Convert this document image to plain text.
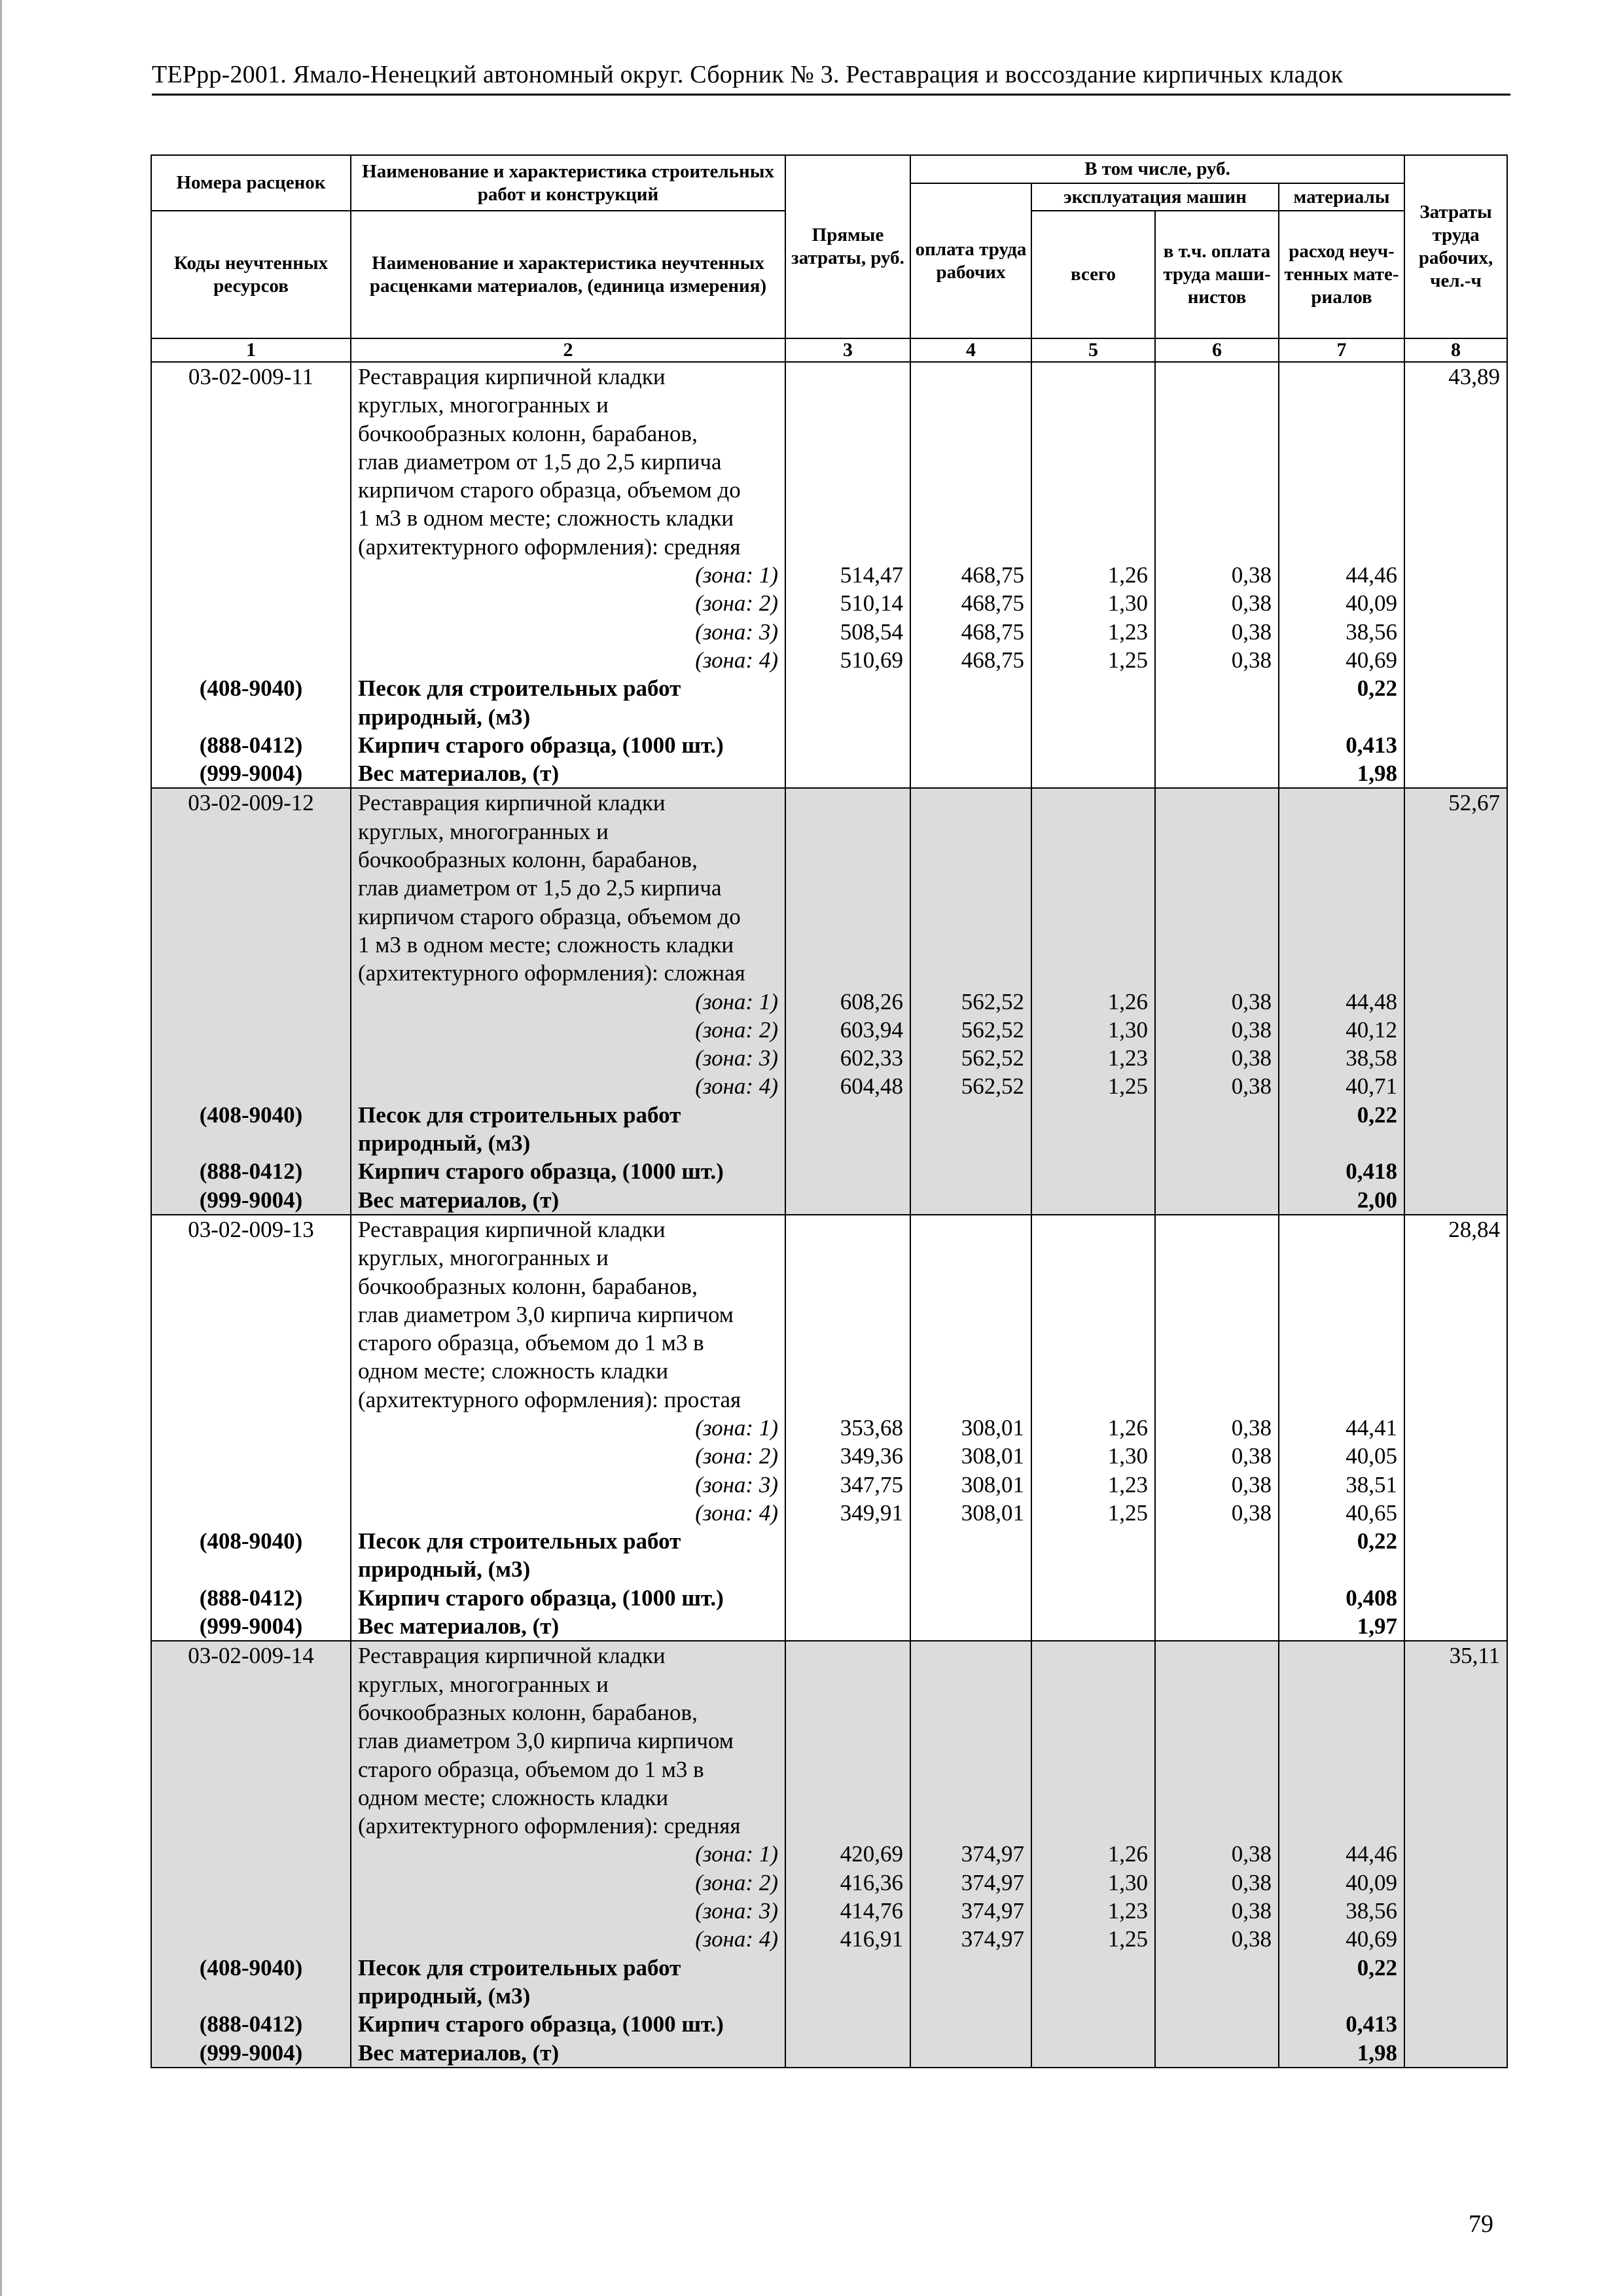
ТЕРрр-2001. Ямало-Ненецкий автономный округ. Сборник № 3. Реставрация и воссоздание кирпичных кладок
Номера расценок	Наименование и характеристика строительных работ и конструкций	Прямые затраты, руб.	В том числе, руб.				Затраты труда рабочих, чел.-ч
			оплата труда рабочих	эксплуатация машин		материалы	
Коды неучтенных ресурсов	Наименование и характеристика неучтенных расценками материалов, (единица измерения)			всего	в т.ч. оплата труда маши-нистов	расход неуч-тенных мате-риалов	
1	2	3	4	5	6	7	8
03-02-009-11	Реставрация кирпичной кладки						43,89
	круглых, многогранных и						
	бочкообразных колонн, барабанов,						
	глав диаметром от 1,5 до 2,5 кирпича						
	кирпичом старого образца, объемом до						
	1 м3 в одном месте; сложность кладки						
	(архитектурного оформления): средняя						
	(зона: 1)	514,47	468,75	1,26	0,38	44,46	
	(зона: 2)	510,14	468,75	1,30	0,38	40,09	
	(зона: 3)	508,54	468,75	1,23	0,38	38,56	
	(зона: 4)	510,69	468,75	1,25	0,38	40,69	
(408-9040)	Песок для строительных работ					0,22	
	природный, (м3)						
(888-0412)	Кирпич старого образца, (1000 шт.)					0,413	
(999-9004)	Вес материалов, (т)					1,98	
03-02-009-12	Реставрация кирпичной кладки						52,67
	круглых, многогранных и						
	бочкообразных колонн, барабанов,						
	глав диаметром от 1,5 до 2,5 кирпича						
	кирпичом старого образца, объемом до						
	1 м3 в одном месте; сложность кладки						
	(архитектурного оформления): сложная						
	(зона: 1)	608,26	562,52	1,26	0,38	44,48	
	(зона: 2)	603,94	562,52	1,30	0,38	40,12	
	(зона: 3)	602,33	562,52	1,23	0,38	38,58	
	(зона: 4)	604,48	562,52	1,25	0,38	40,71	
(408-9040)	Песок для строительных работ					0,22	
	природный, (м3)						
(888-0412)	Кирпич старого образца, (1000 шт.)					0,418	
(999-9004)	Вес материалов, (т)					2,00	
03-02-009-13	Реставрация кирпичной кладки						28,84
	круглых, многогранных и						
	бочкообразных колонн, барабанов,						
	глав диаметром 3,0 кирпича кирпичом						
	старого образца, объемом до 1 м3 в						
	одном месте; сложность кладки						
	(архитектурного оформления): простая						
	(зона: 1)	353,68	308,01	1,26	0,38	44,41	
	(зона: 2)	349,36	308,01	1,30	0,38	40,05	
	(зона: 3)	347,75	308,01	1,23	0,38	38,51	
	(зона: 4)	349,91	308,01	1,25	0,38	40,65	
(408-9040)	Песок для строительных работ					0,22	
	природный, (м3)						
(888-0412)	Кирпич старого образца, (1000 шт.)					0,408	
(999-9004)	Вес материалов, (т)					1,97	
03-02-009-14	Реставрация кирпичной кладки						35,11
	круглых, многогранных и						
	бочкообразных колонн, барабанов,						
	глав диаметром 3,0 кирпича кирпичом						
	старого образца, объемом до 1 м3 в						
	одном месте; сложность кладки						
	(архитектурного оформления): средняя						
	(зона: 1)	420,69	374,97	1,26	0,38	44,46	
	(зона: 2)	416,36	374,97	1,30	0,38	40,09	
	(зона: 3)	414,76	374,97	1,23	0,38	38,56	
	(зона: 4)	416,91	374,97	1,25	0,38	40,69	
(408-9040)	Песок для строительных работ					0,22	
	природный, (м3)						
(888-0412)	Кирпич старого образца, (1000 шт.)					0,413	
(999-9004)	Вес материалов, (т)					1,98	
79
